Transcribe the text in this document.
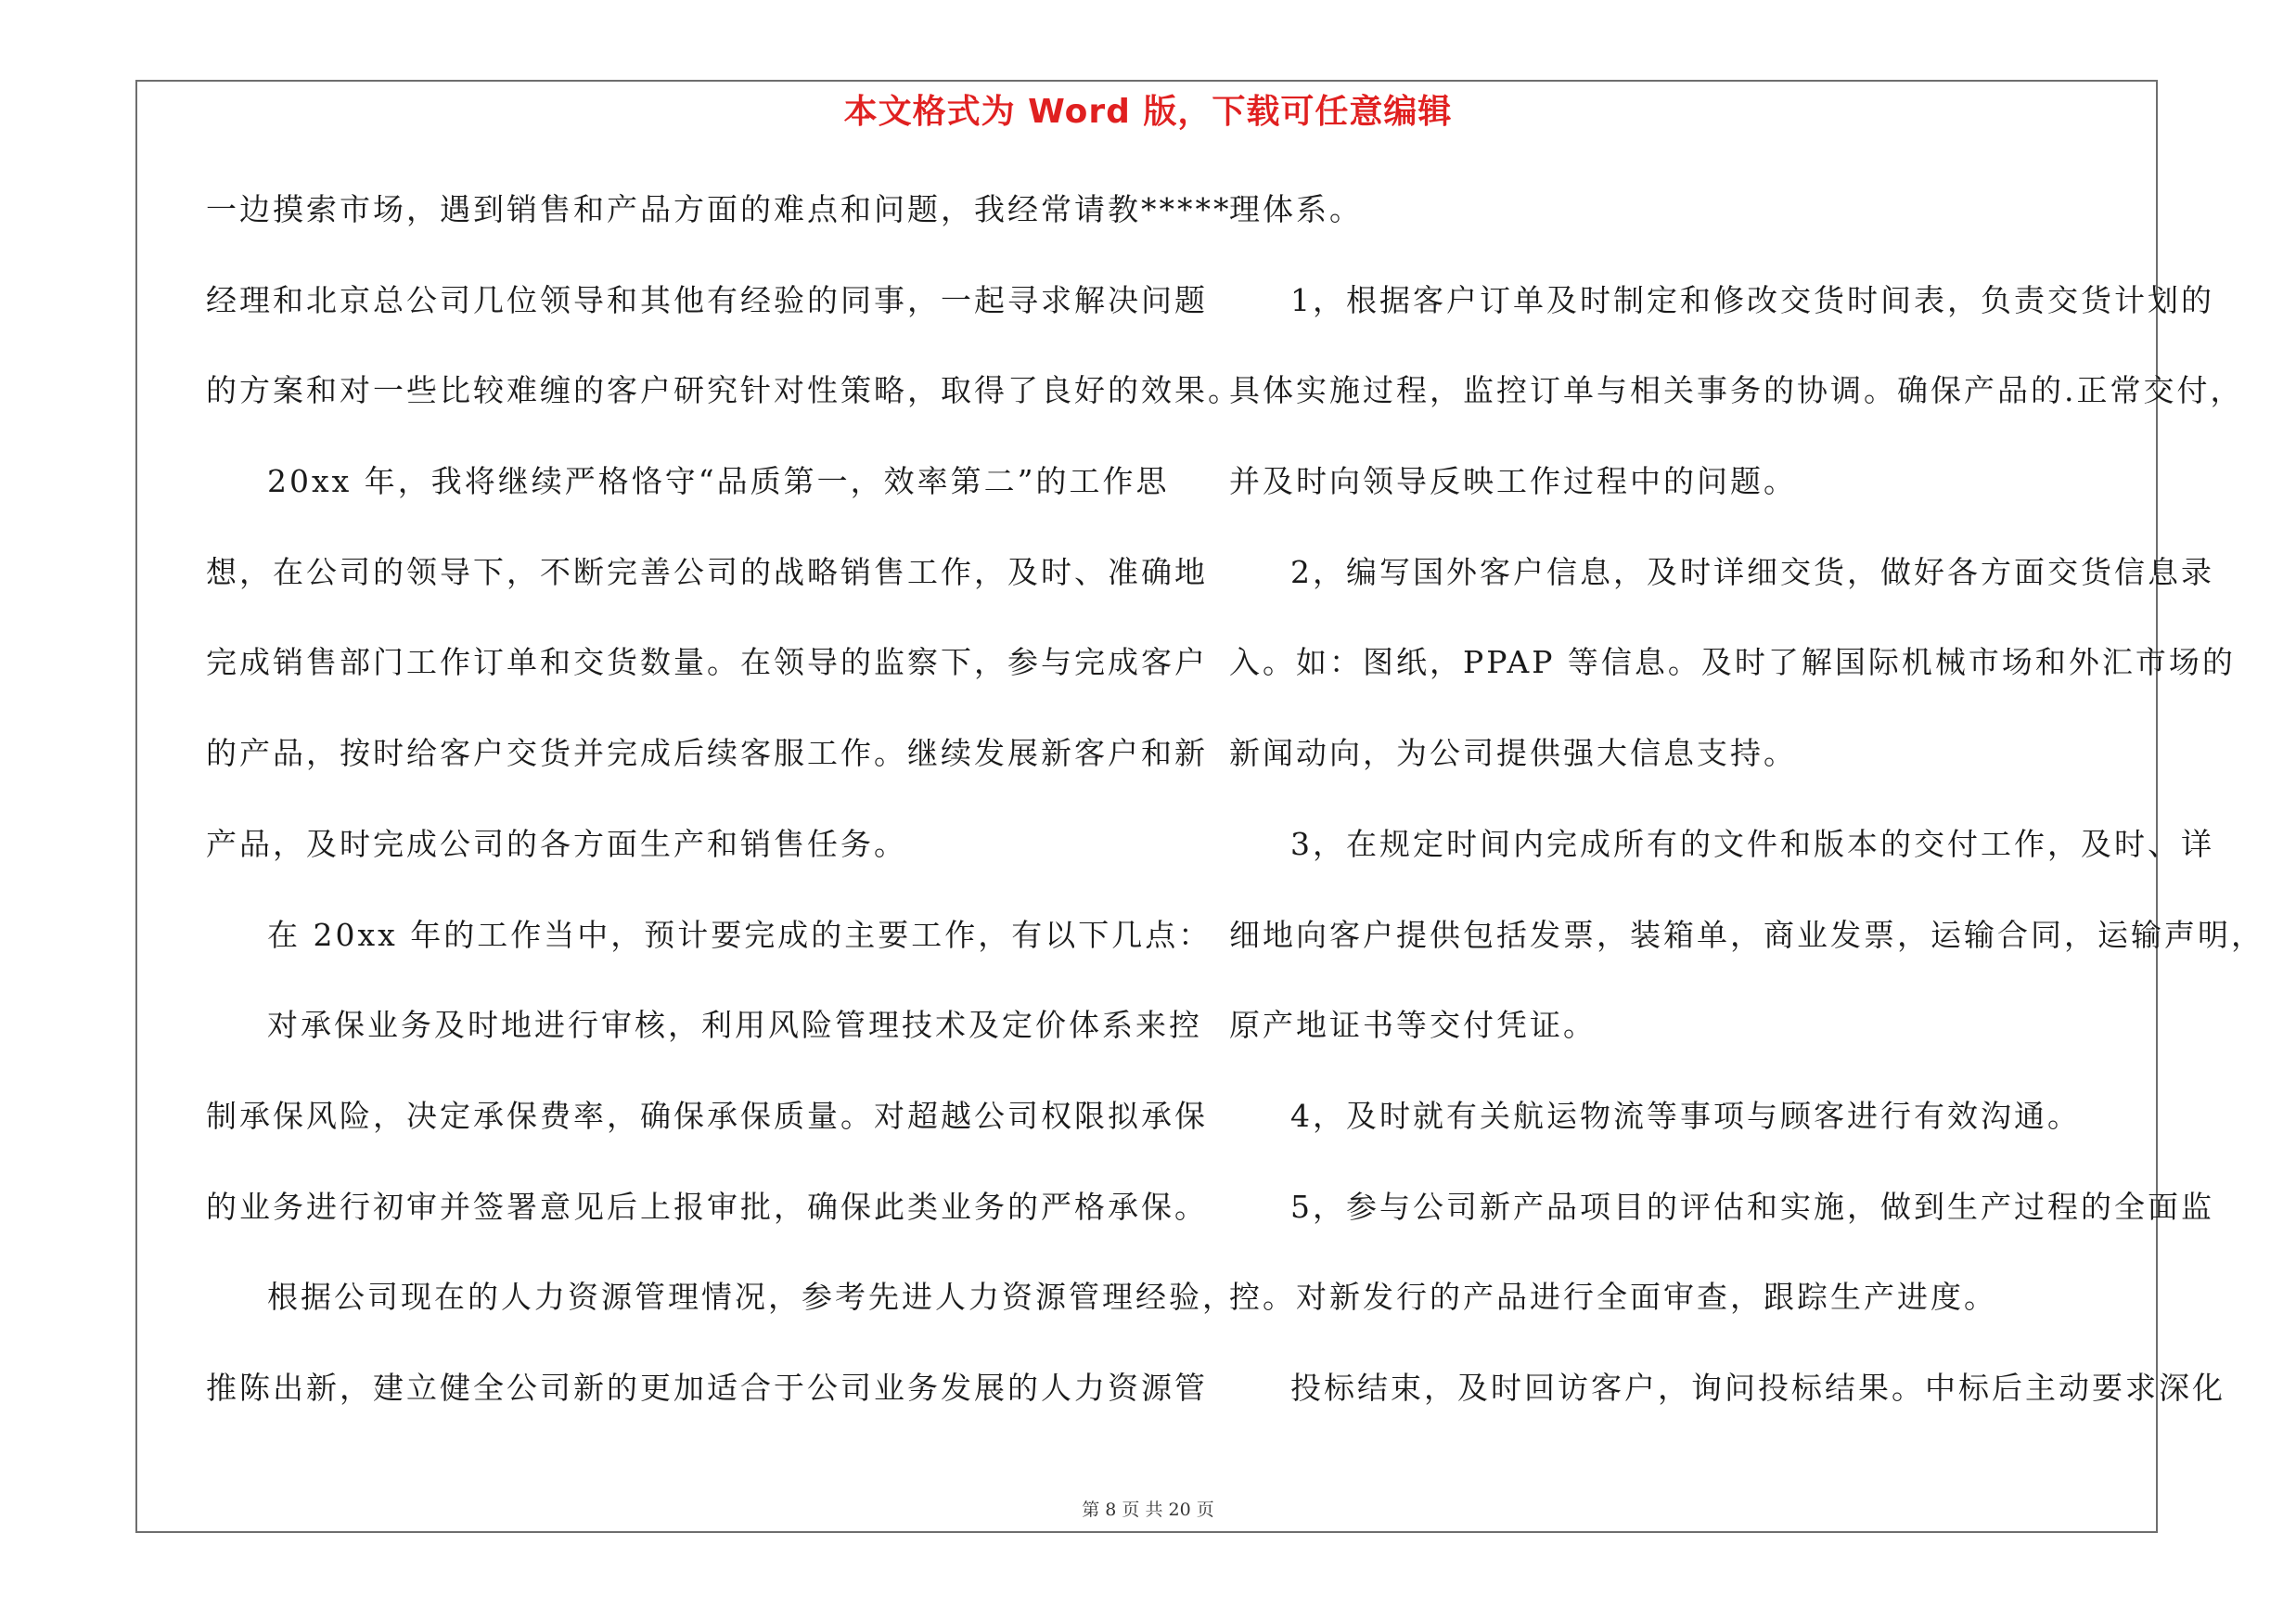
本文格式为 Word 版，下载可任意编辑
一边摸索市场，遇到销售和产品方面的难点和问题，我经常请教*****
经理和北京总公司几位领导和其他有经验的同事，一起寻求解决问题
的方案和对一些比较难缠的客户研究针对性策略，取得了良好的效果。
20xx 年，我将继续严格恪守“品质第一，效率第二”的工作思
想，在公司的领导下，不断完善公司的战略销售工作，及时、准确地
完成销售部门工作订单和交货数量。在领导的监察下，参与完成客户
的产品，按时给客户交货并完成后续客服工作。继续发展新客户和新
产品，及时完成公司的各方面生产和销售任务。
在 20xx 年的工作当中，预计要完成的主要工作，有以下几点：
对承保业务及时地进行审核，利用风险管理技术及定价体系来控
制承保风险，决定承保费率，确保承保质量。对超越公司权限拟承保
的业务进行初审并签署意见后上报审批，确保此类业务的严格承保。
根据公司现在的人力资源管理情况，参考先进人力资源管理经验，
推陈出新，建立健全公司新的更加适合于公司业务发展的人力资源管
理体系。
1，根据客户订单及时制定和修改交货时间表，负责交货计划的
具体实施过程，监控订单与相关事务的协调。确保产品的.正常交付，
并及时向领导反映工作过程中的问题。
2，编写国外客户信息，及时详细交货，做好各方面交货信息录
入。如：图纸，PPAP 等信息。及时了解国际机械市场和外汇市场的
新闻动向，为公司提供强大信息支持。
3，在规定时间内完成所有的文件和版本的交付工作，及时、详
细地向客户提供包括发票，装箱单，商业发票，运输合同，运输声明，
原产地证书等交付凭证。
4，及时就有关航运物流等事项与顾客进行有效沟通。
5，参与公司新产品项目的评估和实施，做到生产过程的全面监
控。对新发行的产品进行全面审查，跟踪生产进度。
投标结束，及时回访客户，询问投标结果。中标后主动要求深化
第 8 页 共 20 页
